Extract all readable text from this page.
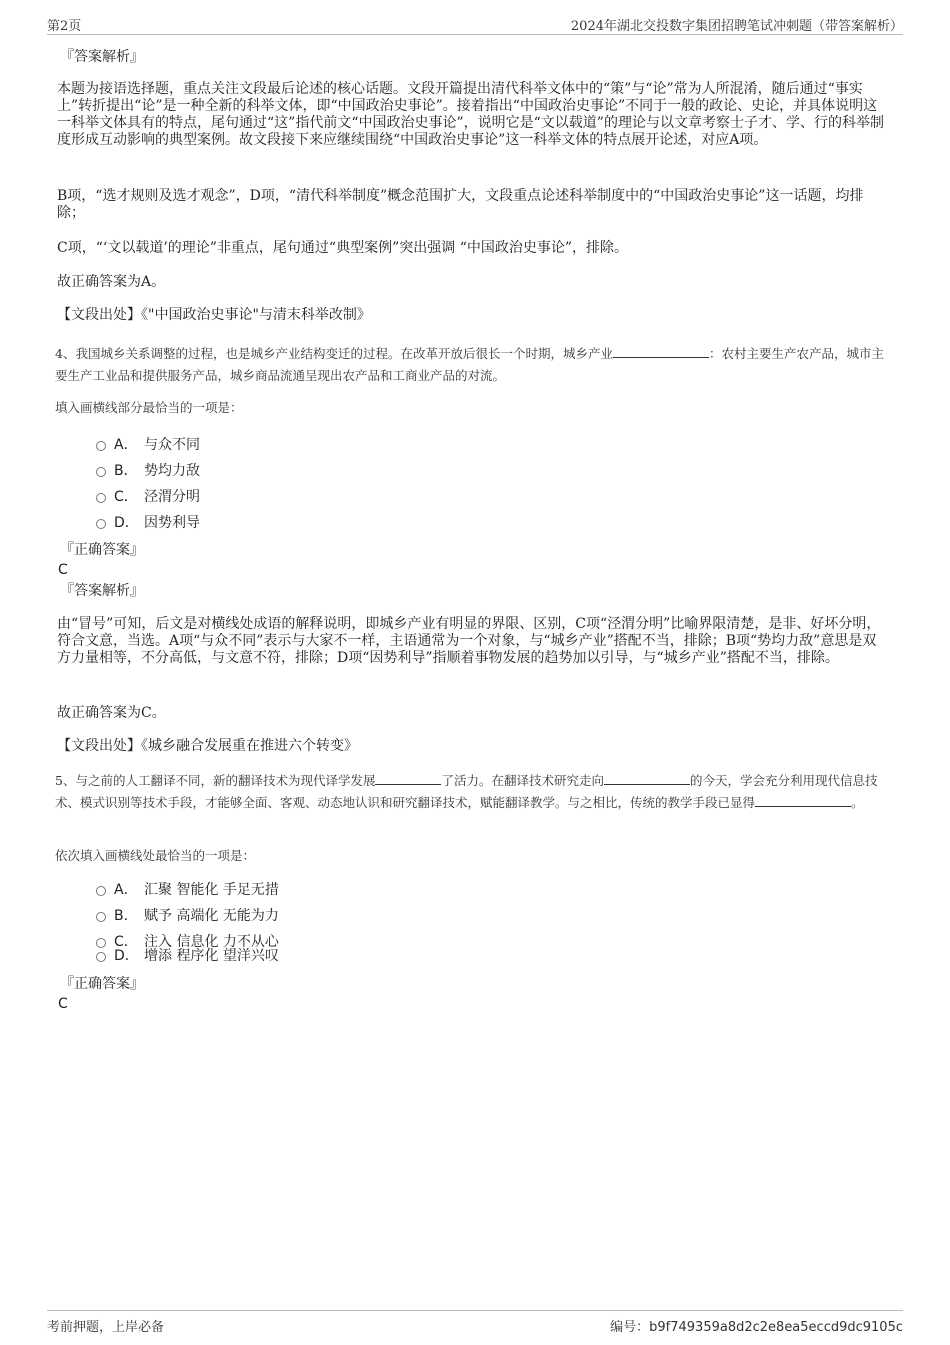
第2页	2024年湖北交投数字集团招聘笔试冲刺题（带答案解析）
『答案解析』
本题为接语选择题，重点关注文段最后论述的核心话题。文段开篇提出清代科举文体中的“策”与“论”常为人所混淆，随后通过“事实上”转折提出“论”是一种全新的科举文体，即“中国政治史事论”。接着指出“中国政治史事论”不同于一般的政论、史论，并具体说明这一科举文体具有的特点，尾句通过“这”指代前文“中国政治史事论”，说明它是“文以载道”的理论与以文章考察士子才、学、行的科举制度形成互动影响的典型案例。故文段接下来应继续围绕“中国政治史事论”这一科举文体的特点展开论述，对应A项。
B项，“选才规则及选才观念”，D项，“清代科举制度”概念范围扩大，文段重点论述科举制度中的“中国政治史事论”这一话题，均排除；
C项，“‘文以载道’的理论”非重点，尾句通过“典型案例”突出强调 “中国政治史事论”，排除。
故正确答案为A。
【文段出处】《"中国政治史事论"与清末科举改制》
4、我国城乡关系调整的过程，也是城乡产业结构变迁的过程。在改革开放后很长一个时期，城乡产业	：农村主要生产农产品，城市主要生产工业品和提供服务产品，城乡商品流通呈现出农产品和工商业产品的对流。
填入画横线部分最恰当的一项是：
A． 与众不同
B． 势均力敌
C． 泾渭分明
D． 因势利导
『正确答案』
C
『答案解析』
由“冒号”可知，后文是对横线处成语的解释说明，即城乡产业有明显的界限、区别，C项“泾渭分明”比喻界限清楚，是非、好坏分明，符合文意，当选。A项“与众不同”表示与大家不一样，主语通常为一个对象，与“城乡产业”搭配不当，排除；B项“势均力敌”意思是双方力量相等，不分高低，与文意不符，排除；D项“因势利导”指顺着事物发展的趋势加以引导，与“城乡产业”搭配不当，排除。
故正确答案为C。
【文段出处】《城乡融合发展重在推进六个转变》
5、与之前的人工翻译不同，新的翻译技术为现代译学发展	了活力。在翻译技术研究走向	的今天，学会充分利用现代信息技术、模式识别等技术手段，才能够全面、客观、动态地认识和研究翻译技术，赋能翻译教学。与之相比，传统的教学手段已显得	。
依次填入画横线处最恰当的一项是：
A． 汇聚 智能化 手足无措
B． 赋予 高端化 无能为力
C． 注入 信息化 力不从心
D． 增添 程序化 望洋兴叹
『正确答案』
C
考前押题，上岸必备	编号：b9f749359a8d2c2e8ea5eccd9dc9105c
